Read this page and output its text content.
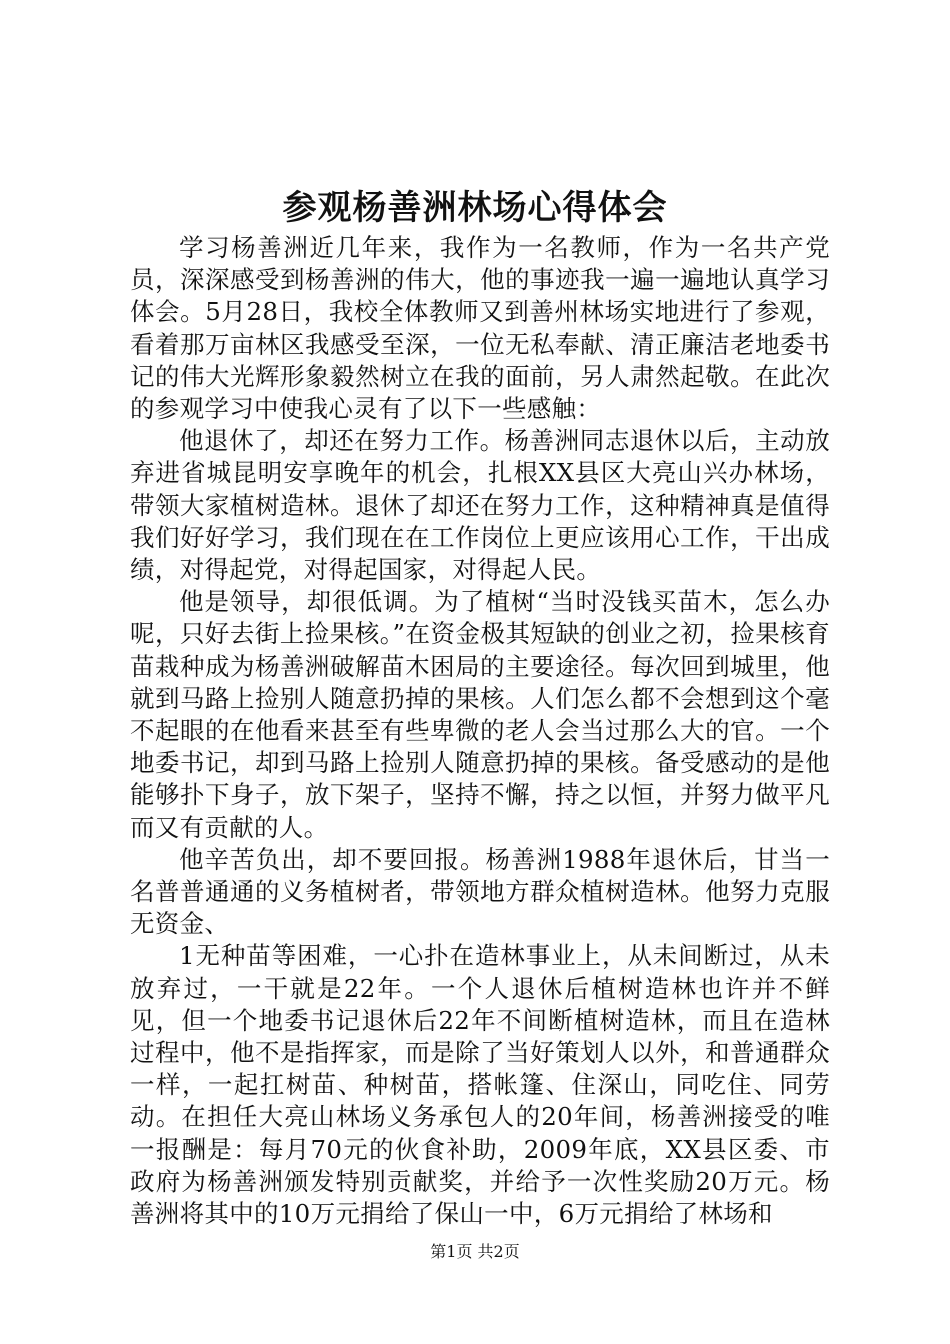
参观杨善洲林场心得体会

学习杨善洲近几年来，我作为一名教师，作为一名共产党员，深深感受到杨善洲的伟大，他的事迹我一遍一遍地认真学习体会。5月28日，我校全体教师又到善州林场实地进行了参观，看着那万亩林区我感受至深，一位无私奉献、清正廉洁老地委书记的伟大光辉形象毅然树立在我的面前，另人肃然起敬。在此次的参观学习中使我心灵有了以下一些感触：

他退休了，却还在努力工作。杨善洲同志退休以后，主动放弃进省城昆明安享晚年的机会，扎根XX县区大亮山兴办林场，带领大家植树造林。退休了却还在努力工作，这种精神真是值得我们好好学习，我们现在在工作岗位上更应该用心工作，干出成绩，对得起党，对得起国家，对得起人民。

他是领导，却很低调。为了植树“当时没钱买苗木，怎么办呢，只好去街上捡果核。”在资金极其短缺的创业之初，捡果核育苗栽种成为杨善洲破解苗木困局的主要途径。每次回到城里，他就到马路上捡别人随意扔掉的果核。人们怎么都不会想到这个毫不起眼的在他看来甚至有些卑微的老人会当过那么大的官。一个地委书记，却到马路上捡别人随意扔掉的果核。备受感动的是他能够扑下身子，放下架子，坚持不懈，持之以恒，并努力做平凡而又有贡献的人。

他辛苦负出，却不要回报。杨善洲1988年退休后，甘当一名普普通通的义务植树者，带领地方群众植树造林。他努力克服无资金、

1无种苗等困难，一心扑在造林事业上，从未间断过，从未放弃过，一干就是22年。一个人退休后植树造林也许并不鲜见，但一个地委书记退休后22年不间断植树造林，而且在造林过程中，他不是指挥家，而是除了当好策划人以外，和普通群众一样，一起扛树苗、种树苗，搭帐篷、住深山，同吃住、同劳动。在担任大亮山林场义务承包人的20年间，杨善洲接受的唯一报酬是：每月70元的伙食补助，2009年底，XX县区委、市政府为杨善洲颁发特别贡献奖，并给予一次性奖励20万元。杨善洲将其中的10万元捐给了保山一中，6万元捐给了林场和

第1页 共2页
